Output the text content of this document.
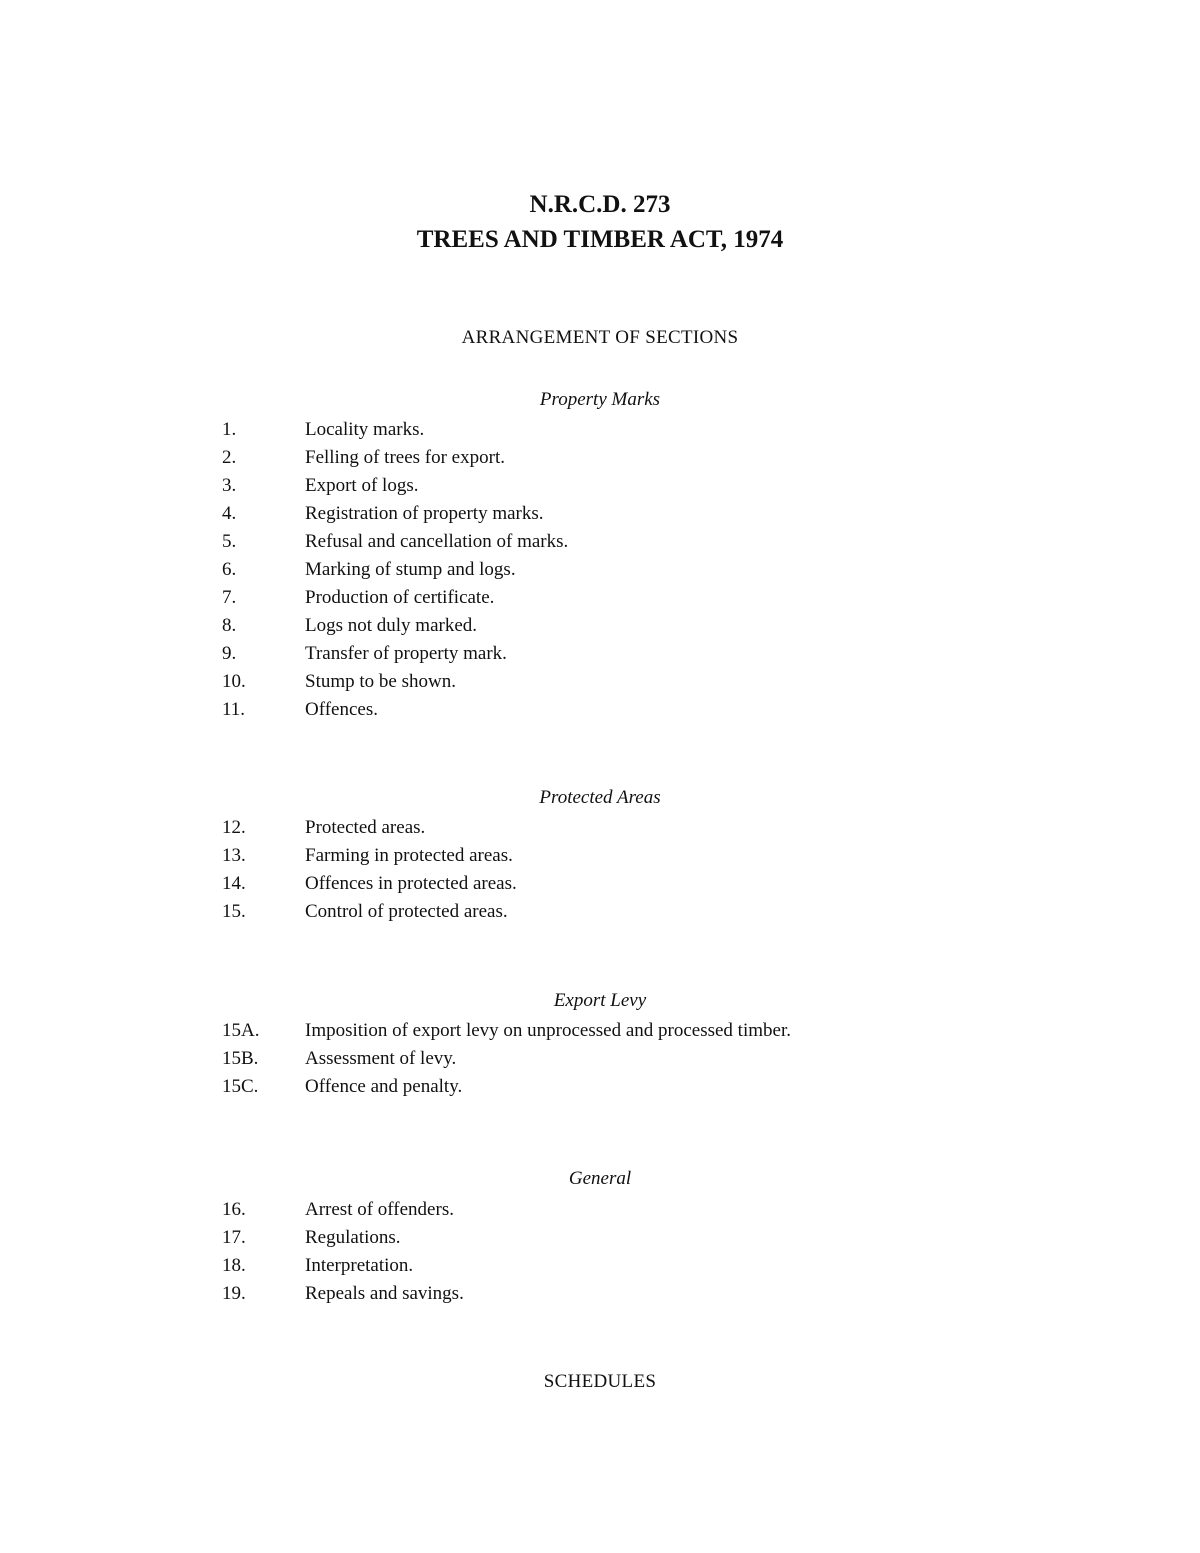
N.R.C.D. 273
TREES AND TIMBER ACT, 1974
ARRANGEMENT OF SECTIONS
Property Marks
1.	Locality marks.
2.	Felling of trees for export.
3.	Export of logs.
4.	Registration of property marks.
5.	Refusal and cancellation of marks.
6.	Marking of stump and logs.
7.	Production of certificate.
8.	Logs not duly marked.
9.	Transfer of property mark.
10.	Stump to be shown.
11.	Offences.
Protected Areas
12.	Protected areas.
13.	Farming in protected areas.
14.	Offences in protected areas.
15.	Control of protected areas.
Export Levy
15A. Imposition of export levy on unprocessed and processed timber.
15B. Assessment of levy.
15C. Offence and penalty.
General
16.	Arrest of offenders.
17.	Regulations.
18.	Interpretation.
19.	Repeals and savings.
SCHEDULES
